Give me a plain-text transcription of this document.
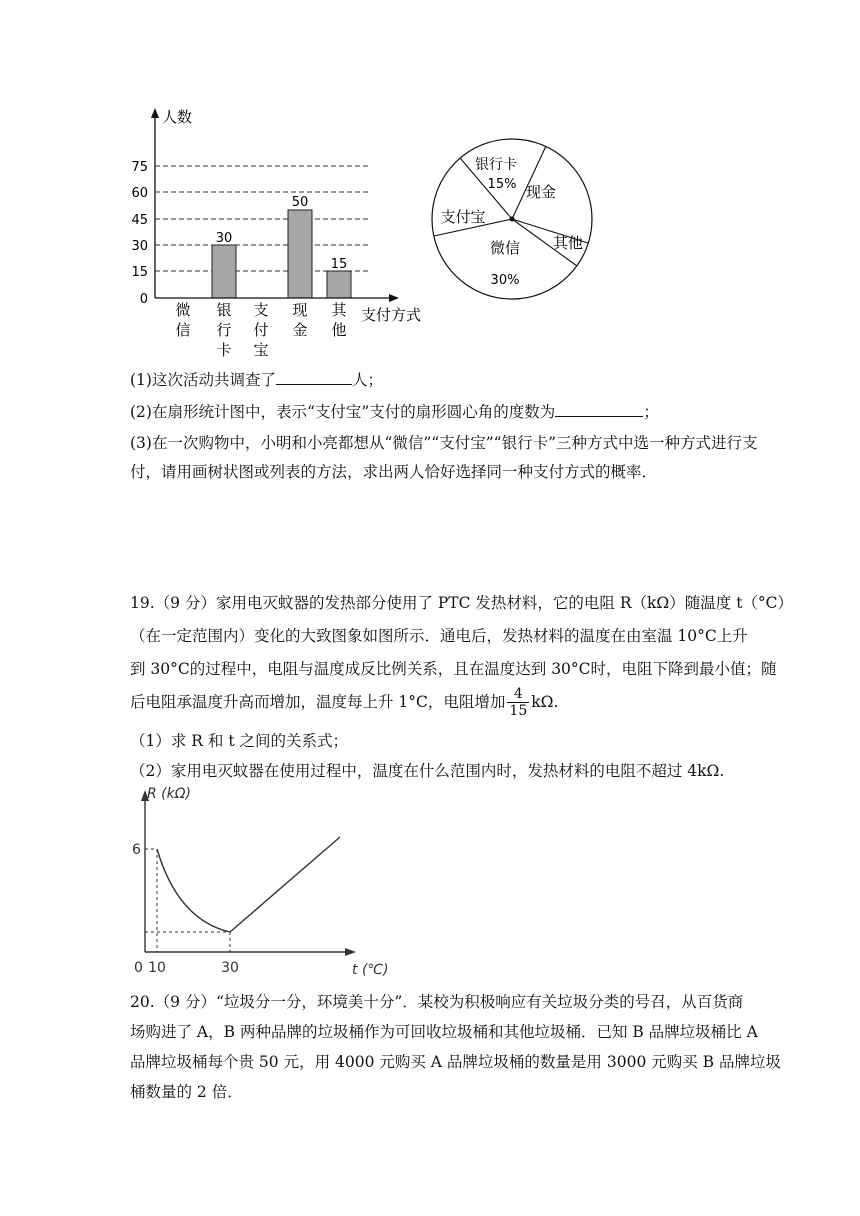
75
60
45
30
15
0
人数
支付方式
30
50
15
微
信
银
行
卡
支
付
宝
现
金
其
他
银行卡
15% 现金
支付宝
微信
30%
其他
(1)这次活动共调查了	人；
(2)在扇形统计图中，表示“支付宝”支付的扇形圆心角的度数为	；
(3)在一次购物中，小明和小亮都想从“微信”“支付宝”“银行卡”三种方式中选一种方式进行支
付，请用画树状图或列表的方法，求出两人恰好选择同一种支付方式的概率．
19.（9 分）家用电灭蚊器的发热部分使用了 PTC 发热材料，它的电阻 R（kΩ）随温度 t（°C）
（在一定范围内）变化的大致图象如图所示．通电后，发热材料的温度在由室温 10°C上升
到 30°C的过程中，电阻与温度成反比例关系，且在温度达到 30°C时，电阻下降到最小值；随
后电阻承温度升高而增加，温度每上升 1°C，电阻增加 $\frac{4}{15} k\Omega$.
（1）求 R 和 t 之间的关系式；
（2）家用电灭蚊器在使用过程中，温度在什么范围内时，发热材料的电阻不超过 4kΩ.
R (kΩ)
t (℃)
0 10	30
6
20.（9 分）“垃圾分一分，环境美十分”．某校为积极响应有关垃圾分类的号召，从百货商
场购进了 A，B 两种品牌的垃圾桶作为可回收垃圾桶和其他垃圾桶．已知 B 品牌垃圾桶比 A
品牌垃圾桶每个贵 50 元，用 4000 元购买 A 品牌垃圾桶的数量是用 3000 元购买 B 品牌垃圾
桶数量的 2 倍．
